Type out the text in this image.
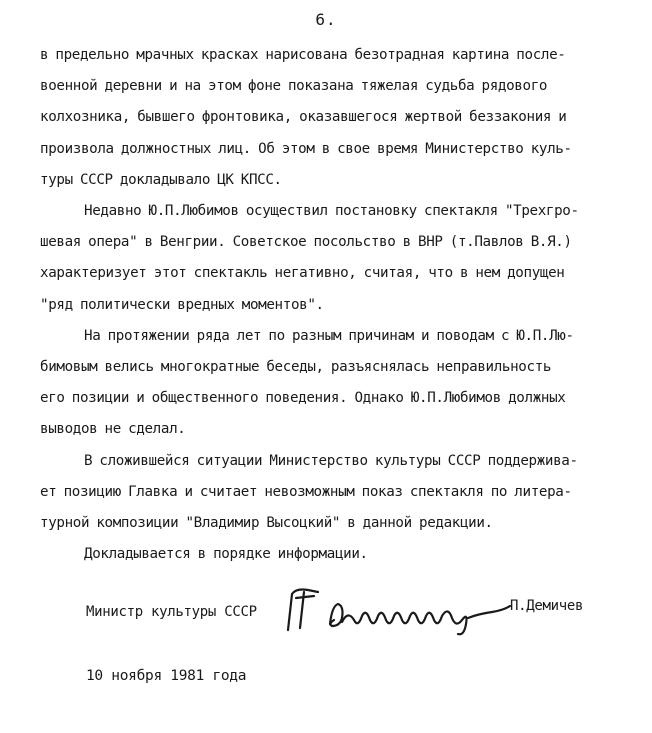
6.
в предельно мрачных красках нарисована безотрадная картина после-
военной деревни и на этом фоне показана тяжелая судьба рядового
колхозника, бывшего фронтовика, оказавшегося жертвой беззакония и
произвола должностных лиц. Об этом в свое время Министерство куль-
туры СССР докладывало ЦК КПСС.
Недавно Ю.П.Любимов осуществил постановку спектакля "Трехгро-
шевая опера" в Венгрии. Советское посольство в ВНР (т.Павлов В.Я.)
характеризует этот спектакль негативно, считая, что в нем допущен
"ряд политически вредных моментов".
На протяжении ряда лет по разным причинам и поводам с Ю.П.Лю-
бимовым велись многократные беседы, разъяснялась неправильность
его позиции и общественного поведения. Однако Ю.П.Любимов должных
выводов не сделал.
В сложившейся ситуации Министерство культуры СССР поддержива-
ет позицию Главка и считает невозможным показ спектакля по литера-
турной композиции "Владимир Высоцкий" в данной редакции.
Докладывается в порядке информации.
Министр культуры СССР	П.Демичев
10 ноября 1981 года
